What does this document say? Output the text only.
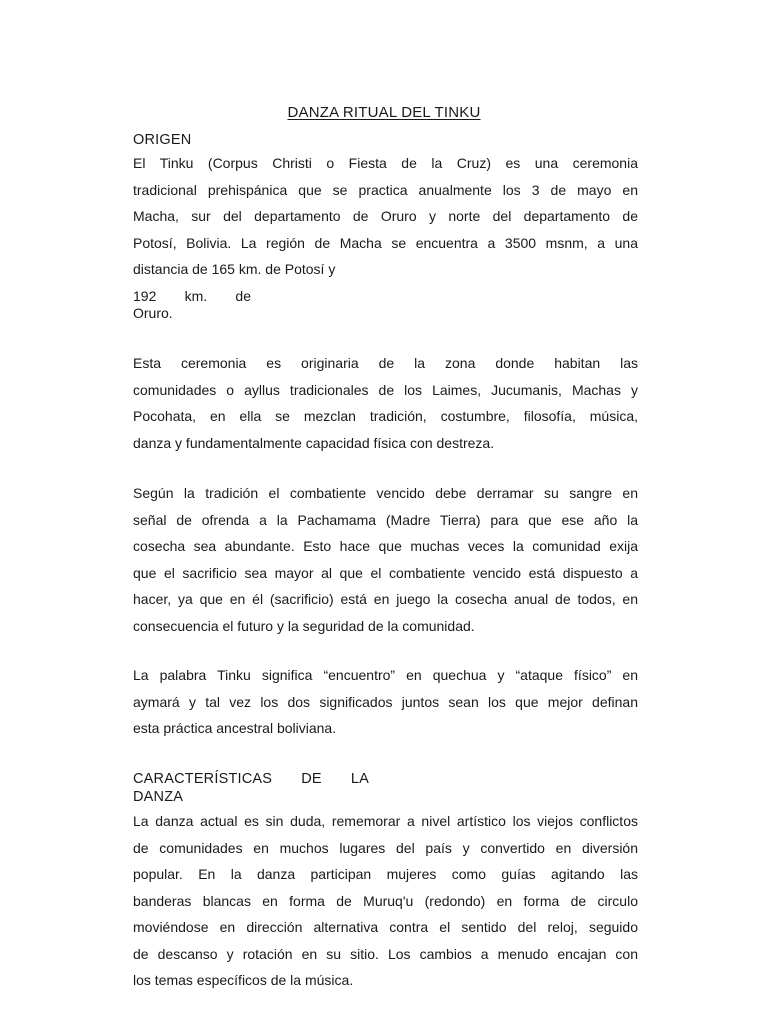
DANZA RITUAL DEL TINKU
ORIGEN
El Tinku (Corpus Christi o Fiesta de la Cruz) es una ceremonia
tradicional prehispánica que se practica anualmente los 3 de mayo en
Macha, sur del departamento de Oruro y norte del departamento de
Potosí, Bolivia. La región de Macha se encuentra a 3500 msnm, a una
distancia de 165 km. de Potosí y
192 km. de
Oruro.
Esta ceremonia es originaria de la zona donde habitan las
comunidades o ayllus tradicionales de los Laimes, Jucumanis, Machas y
Pocohata, en ella se mezclan tradición, costumbre, filosofía, música,
danza y fundamentalmente capacidad física con destreza.
Según la tradición el combatiente vencido debe derramar su sangre en
señal de ofrenda a la Pachamama (Madre Tierra) para que ese año la
cosecha sea abundante. Esto hace que muchas veces la comunidad exija
que el sacrificio sea mayor al que el combatiente vencido está dispuesto a
hacer, ya que en él (sacrificio) está en juego la cosecha anual de todos, en
consecuencia el futuro y la seguridad de la comunidad.
La palabra Tinku significa “encuentro” en quechua y “ataque físico” en
aymará y tal vez los dos significados juntos sean los que mejor definan
esta práctica ancestral boliviana.
CARACTERÍSTICAS DE LA
DANZA
La danza actual es sin duda, rememorar a nivel artístico los viejos conflictos
de comunidades en muchos lugares del país y convertido en diversión
popular. En la danza participan mujeres como guías agitando las
banderas blancas en forma de Muruq'u (redondo) en forma de circulo
moviéndose en dirección alternativa contra el sentido del reloj, seguido
de descanso y rotación en su sitio. Los cambios a menudo encajan con
los temas específicos de la música.
